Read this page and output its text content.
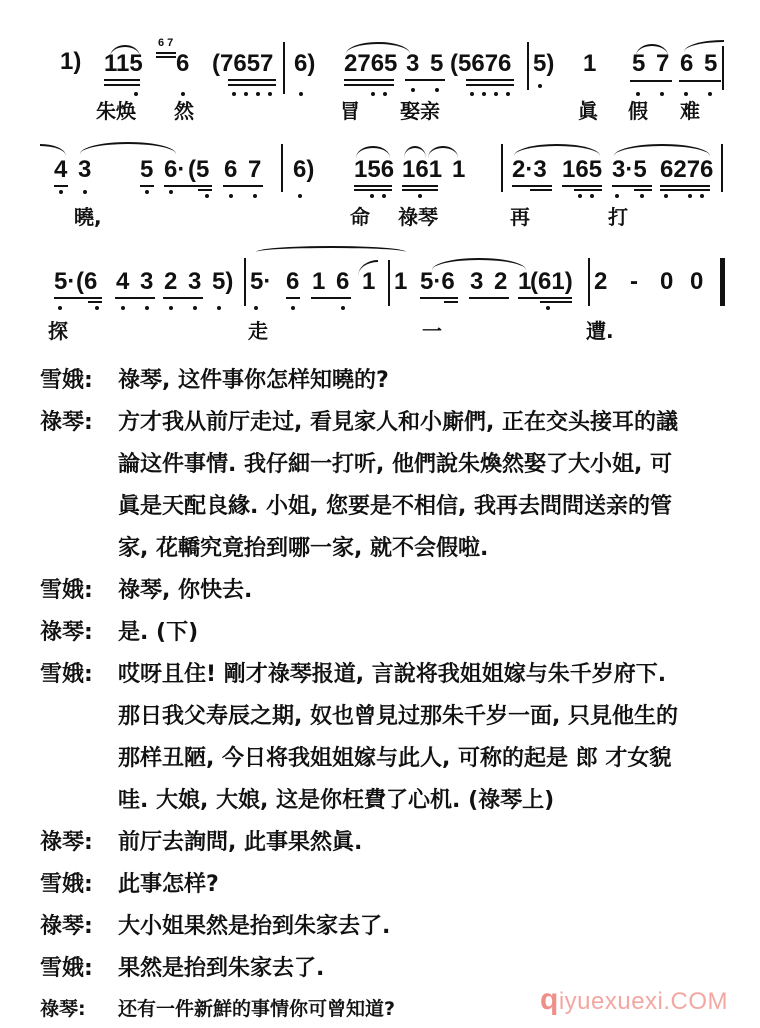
1) 115
67
6 (7657 6) 2765 3 5 (5676 5) 1 5 7 6 5
朱焕 然	冒 娶亲	眞 假 难
4 3 5 6· (5 6 7 6) 156 161 1 2·3 165 3·5 6276
曉,	命 祿琴	再	打
5· (6 4 3 2 3 5) 5· 6 1 6 1 1 5·6 3 2 1
(61) 2 - 0 0
探	走	一	遭.
雪娥:	祿琴, 这件事你怎样知曉的?

祿琴:	方才我从前厅走过, 看見家人和小廝們, 正在交头接耳的議

論这件事情. 我仔細一打听, 他們說朱煥然娶了大小姐, 可

眞是天配良緣. 小姐, 您要是不相信, 我再去問問送亲的管

家, 花轎究竟抬到哪一家, 就不会假啦.

雪娥:	祿琴, 你快去.

祿琴:	是. (下)

雪娥:	哎呀且住! 剛才祿琴报道, 言說将我姐姐嫁与朱千岁府下.

那日我父寿辰之期, 奴也曾見过那朱千岁一面, 只見他生的

那样丑陋, 今日将我姐姐嫁与此人, 可称的起是 郎 才女貌

哇. 大娘, 大娘, 这是你枉費了心机. (祿琴上)

祿琴:	前厅去詢問, 此事果然眞.

雪娥:	此事怎样?

祿琴:	大小姐果然是抬到朱家去了.

雪娥:	果然是抬到朱家去了.

祿琴:	还有一件新鮮的事情你可曾知道?	qiyuexuexi.COM
